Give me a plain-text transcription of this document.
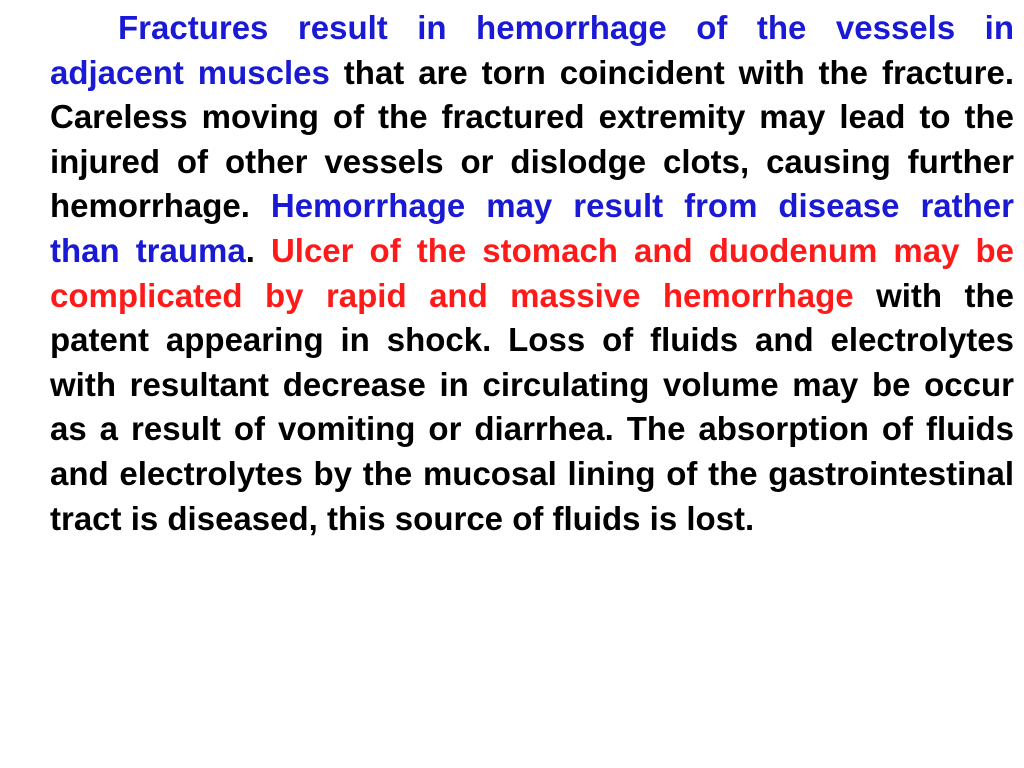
Fractures result in hemorrhage of the vessels in adjacent muscles that are torn coincident with the fracture. Careless moving of the fractured extremity may lead to the injured of other vessels or dislodge clots, causing further hemorrhage. Hemorrhage may result from disease rather than trauma. Ulcer of the stomach and duodenum may be complicated by rapid and massive hemorrhage with the patent appearing in shock. Loss of fluids and electrolytes with resultant decrease in circulating volume may be occur as a result of vomiting or diarrhea. The absorption of fluids and electrolytes by the mucosal lining of the gastrointestinal tract is diseased, this source of fluids is lost.
